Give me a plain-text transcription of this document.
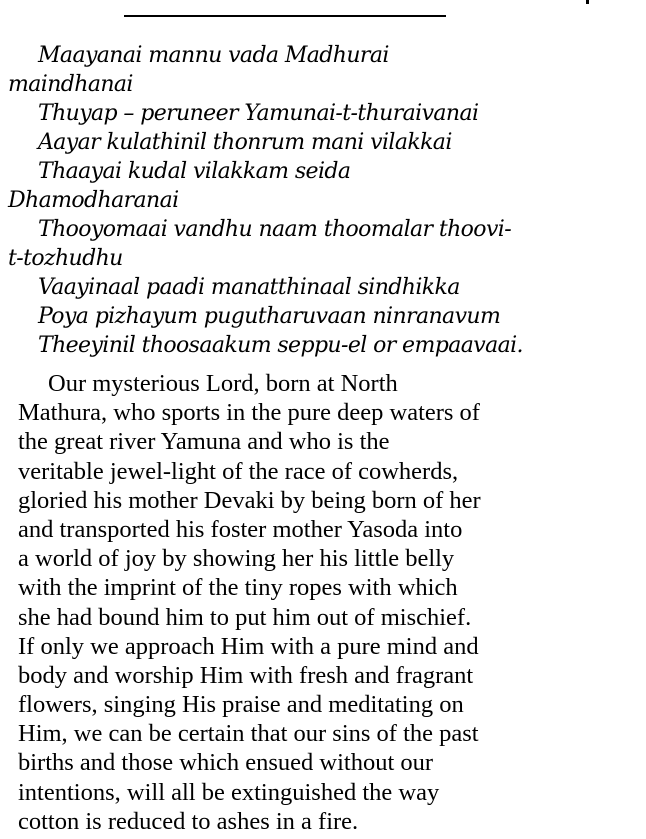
Maayanai mannu vada Madhurai
maindhanai
Thuyap – peruneer Yamunai-t-thuraivanai
Aayar kulathinil thonrum mani vilakkai
Thaayai kudal vilakkam seida
Dhamodharanai
Thooyomaai vandhu naam thoomalar thoovi-
t-tozhudhu
Vaayinaal paadi manatthinaal sindhikka
Poya pizhayum pugutharuvaan ninranavum
Theeyinil thoosaakum seppu-el or empaavaai.
Our mysterious Lord, born at North
Mathura, who sports in the pure deep waters of
the great river Yamuna and who is the
veritable jewel-light of the race of cowherds,
gloried his mother Devaki by being born of her
and transported his foster mother Yasoda into
a world of joy by showing her his little belly
with the imprint of the tiny ropes with which
she had bound him to put him out of mischief.
If only we approach Him with a pure mind and
body and worship Him with fresh and fragrant
flowers, singing His praise and meditating on
Him, we can be certain that our sins of the past
births and those which ensued without our
intentions, will all be extinguished the way
cotton is reduced to ashes in a fire.
